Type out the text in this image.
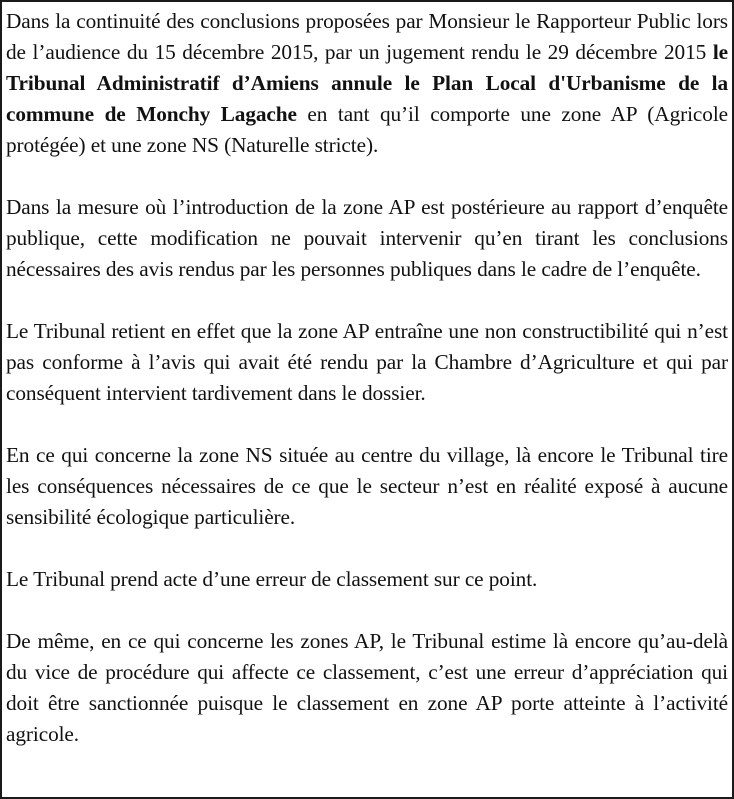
Dans la continuité des conclusions proposées par Monsieur le Rapporteur Public lors de l’audience du 15 décembre 2015, par un jugement rendu le 29 décembre 2015 le Tribunal Administratif d’Amiens annule le Plan Local d'Urbanisme de la commune de Monchy Lagache en tant qu’il comporte une zone AP (Agricole protégée) et une zone NS (Naturelle stricte).

Dans la mesure où l’introduction de la zone AP est postérieure au rapport d’enquête publique, cette modification ne pouvait intervenir qu’en tirant les conclusions nécessaires des avis rendus par les personnes publiques dans le cadre de l’enquête.

Le Tribunal retient en effet que la zone AP entraîne une non constructibilité qui n’est pas conforme à l’avis qui avait été rendu par la Chambre d’Agriculture et qui par conséquent intervient tardivement dans le dossier.

En ce qui concerne la zone NS située au centre du village, là encore le Tribunal tire les conséquences nécessaires de ce que le secteur n’est en réalité exposé à aucune sensibilité écologique particulière.

Le Tribunal prend acte d’une erreur de classement sur ce point.

De même, en ce qui concerne les zones AP, le Tribunal estime là encore qu’au-delà du vice de procédure qui affecte ce classement, c’est une erreur d’appréciation qui doit être sanctionnée puisque le classement en zone AP porte atteinte à l’activité agricole.
